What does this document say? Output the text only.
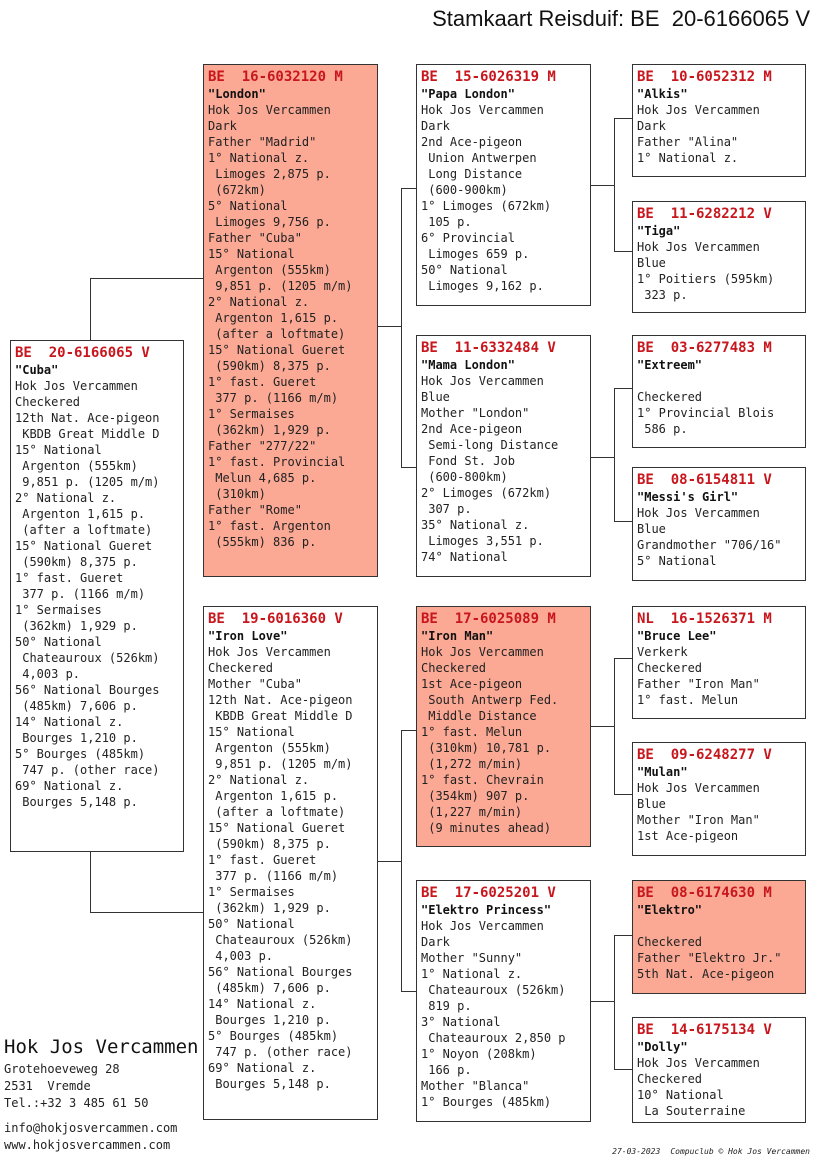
Stamkaart Reisduif: BE  20-6166065 V
BE  20-6166065 V
"Cuba"
Hok Jos Vercammen
Checkered
12th Nat. Ace-pigeon
KBDB Great Middle D
15° National
Argenton (555km)
9,851 p. (1205 m/m)
2° National z.
Argenton 1,615 p.
(after a loftmate)
15° National Gueret
(590km) 8,375 p.
1° fast. Gueret
377 p. (1166 m/m)
1° Sermaises
(362km) 1,929 p.
50° National
Chateauroux (526km)
4,003 p.
56° National Bourges
(485km) 7,606 p.
14° National z.
Bourges 1,210 p.
5° Bourges (485km)
747 p. (other race)
69° National z.
Bourges 5,148 p.
BE  16-6032120 M
"London"
Hok Jos Vercammen
Dark
Father "Madrid"
1° National z.
Limoges 2,875 p.
(672km)
5° National
Limoges 9,756 p.
Father "Cuba"
15° National
Argenton (555km)
9,851 p. (1205 m/m)
2° National z.
Argenton 1,615 p.
(after a loftmate)
15° National Gueret
(590km) 8,375 p.
1° fast. Gueret
377 p. (1166 m/m)
1° Sermaises
(362km) 1,929 p.
Father "277/22"
1° fast. Provincial
Melun 4,685 p.
(310km)
Father "Rome"
1° fast. Argenton
(555km) 836 p.
BE  19-6016360 V
"Iron Love"
Hok Jos Vercammen
Checkered
Mother "Cuba"
12th Nat. Ace-pigeon
KBDB Great Middle D
15° National
Argenton (555km)
9,851 p. (1205 m/m)
2° National z.
Argenton 1,615 p.
(after a loftmate)
15° National Gueret
(590km) 8,375 p.
1° fast. Gueret
377 p. (1166 m/m)
1° Sermaises
(362km) 1,929 p.
50° National
Chateauroux (526km)
4,003 p.
56° National Bourges
(485km) 7,606 p.
14° National z.
Bourges 1,210 p.
5° Bourges (485km)
747 p. (other race)
69° National z.
Bourges 5,148 p.
BE  15-6026319 M
"Papa London"
Hok Jos Vercammen
Dark
2nd Ace-pigeon
Union Antwerpen
Long Distance
(600-900km)
1° Limoges (672km)
105 p.
6° Provincial
Limoges 659 p.
50° National
Limoges 9,162 p.
BE  11-6332484 V
"Mama London"
Hok Jos Vercammen
Blue
Mother "London"
2nd Ace-pigeon
Semi-long Distance
Fond St. Job
(600-800km)
2° Limoges (672km)
307 p.
35° National z.
Limoges 3,551 p.
74° National
BE  17-6025089 M
"Iron Man"
Hok Jos Vercammen
Checkered
1st Ace-pigeon
South Antwerp Fed.
Middle Distance
1° fast. Melun
(310km) 10,781 p.
(1,272 m/min)
1° fast. Chevrain
(354km) 907 p.
(1,227 m/min)
(9 minutes ahead)
BE  17-6025201 V
"Elektro Princess"
Hok Jos Vercammen
Dark
Mother "Sunny"
1° National z.
Chateauroux (526km)
819 p.
3° National
Chateauroux 2,850 p
1° Noyon (208km)
166 p.
Mother "Blanca"
1° Bourges (485km)
BE  10-6052312 M
"Alkis"
Hok Jos Vercammen
Dark
Father "Alina"
1° National z.
BE  11-6282212 V
"Tiga"
Hok Jos Vercammen
Blue
1° Poitiers (595km)
323 p.
BE  03-6277483 M
"Extreem"
Checkered
1° Provincial Blois
586 p.
BE  08-6154811 V
"Messi's Girl"
Hok Jos Vercammen
Blue
Grandmother "706/16"
5° National
NL  16-1526371 M
"Bruce Lee"
Verkerk
Checkered
Father "Iron Man"
1° fast. Melun
BE  09-6248277 V
"Mulan"
Hok Jos Vercammen
Blue
Mother "Iron Man"
1st Ace-pigeon
BE  08-6174630 M
"Elektro"
Checkered
Father "Elektro Jr."
5th Nat. Ace-pigeon
BE  14-6175134 V
"Dolly"
Hok Jos Vercammen
Checkered
10° National
La Souterraine
Hok Jos Vercammen
Grotehoeveweg 28
2531  Vremde
Tel.:+32 3 485 61 50
info@hokjosvercammen.com
www.hokjosvercammen.com	27-03-2023 Compuclub © Hok Jos Vercammen
